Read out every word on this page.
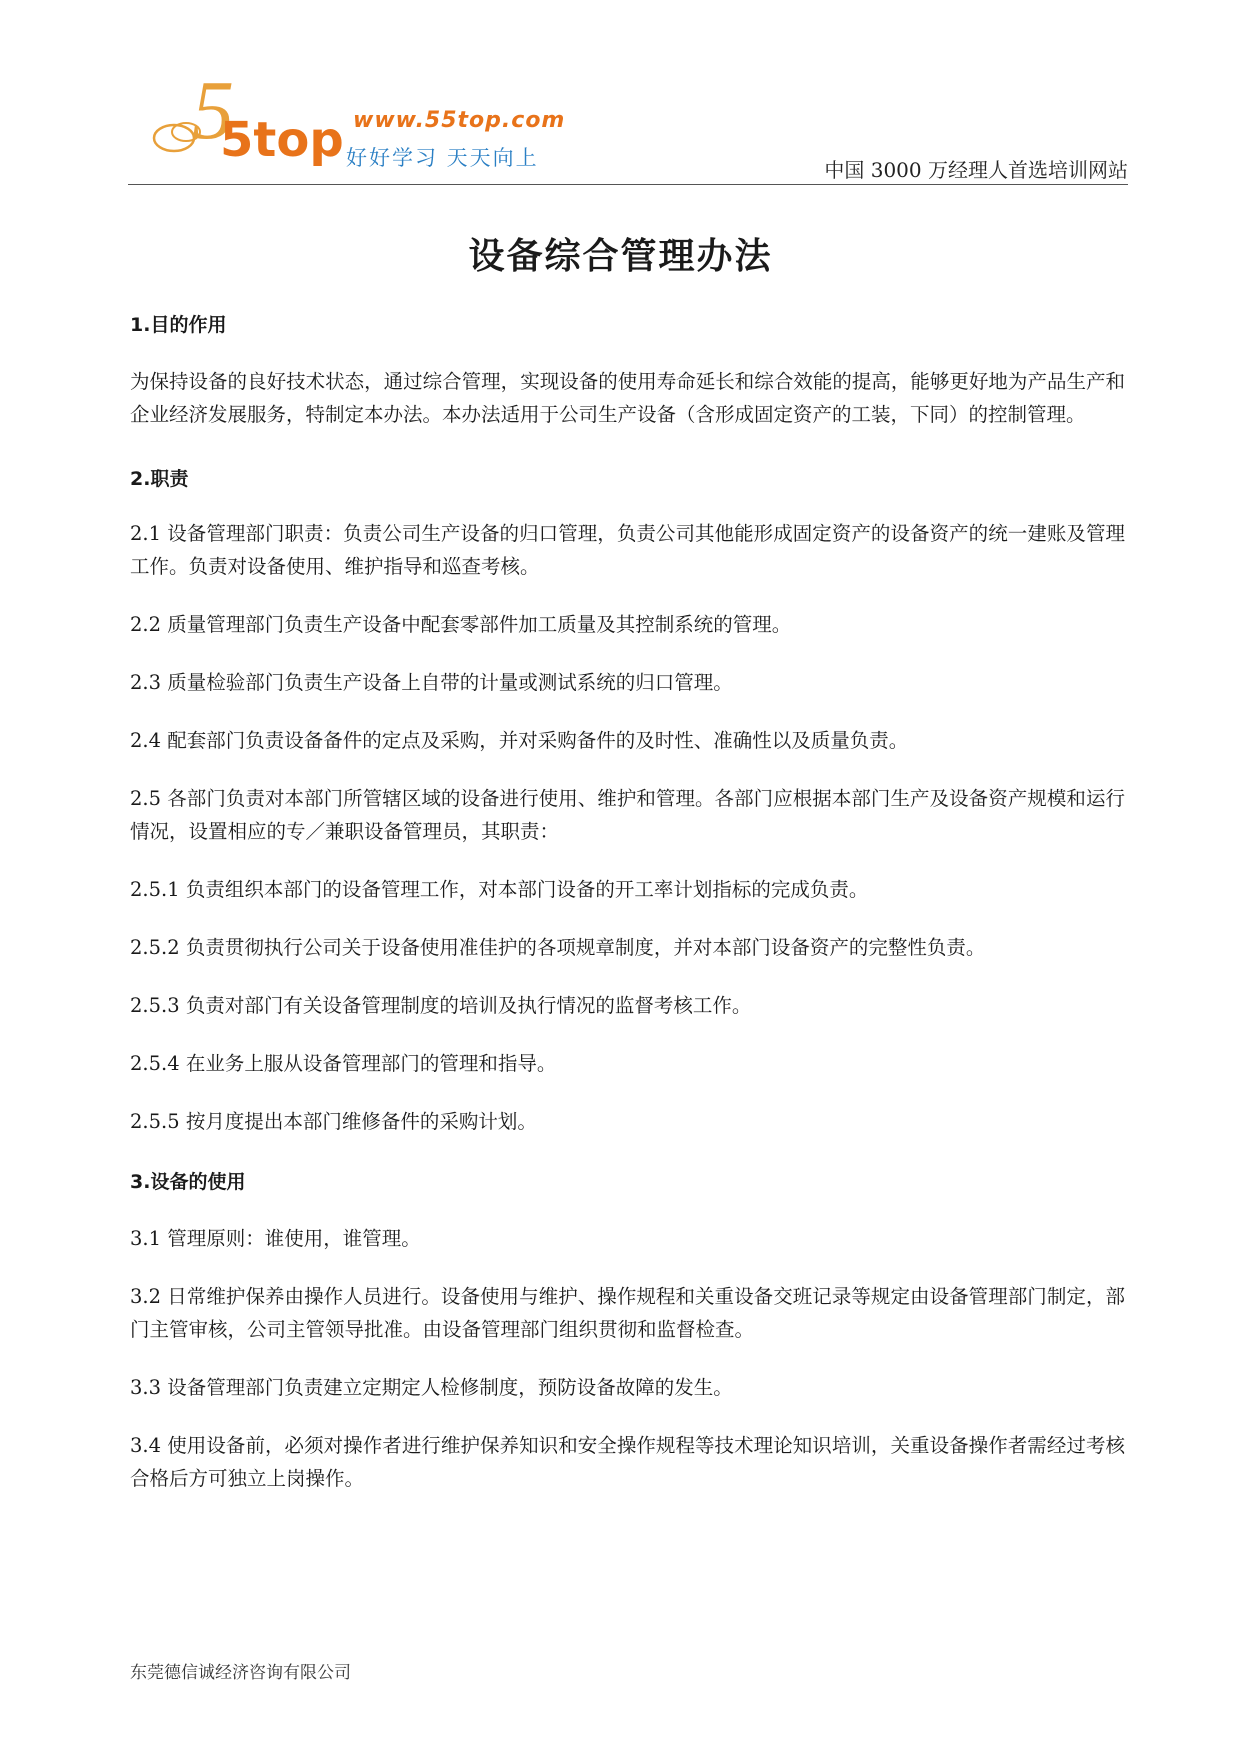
5
5top www.55top.com
好好学习 天天向上	中国 3000 万经理人首选培训网站
设备综合管理办法

1.目的作用

为保持设备的良好技术状态，通过综合管理，实现设备的使用寿命延长和综合效能的提高，能够更好地为产品生产和企业经济发展服务，特制定本办法。本办法适用于公司生产设备（含形成固定资产的工装，下同）的控制管理。

2.职责

2.1 设备管理部门职责：负责公司生产设备的归口管理，负责公司其他能形成固定资产的设备资产的统一建账及管理工作。负责对设备使用、维护指导和巡查考核。

2.2 质量管理部门负责生产设备中配套零部件加工质量及其控制系统的管理。

2.3 质量检验部门负责生产设备上自带的计量或测试系统的归口管理。

2.4 配套部门负责设备备件的定点及采购，并对采购备件的及时性、准确性以及质量负责。

2.5 各部门负责对本部门所管辖区域的设备进行使用、维护和管理。各部门应根据本部门生产及设备资产规模和运行情况，设置相应的专／兼职设备管理员，其职责：

2.5.1 负责组织本部门的设备管理工作，对本部门设备的开工率计划指标的完成负责。

2.5.2 负责贯彻执行公司关于设备使用准佳护的各项规章制度，并对本部门设备资产的完整性负责。

2.5.3 负责对部门有关设备管理制度的培训及执行情况的监督考核工作。

2.5.4 在业务上服从设备管理部门的管理和指导。

2.5.5 按月度提出本部门维修备件的采购计划。

3.设备的使用

3.1 管理原则：谁使用，谁管理。

3.2 日常维护保养由操作人员进行。设备使用与维护、操作规程和关重设备交班记录等规定由设备管理部门制定，部门主管审核，公司主管领导批准。由设备管理部门组织贯彻和监督检查。

3.3 设备管理部门负责建立定期定人检修制度，预防设备故障的发生。

3.4 使用设备前，必须对操作者进行维护保养知识和安全操作规程等技术理论知识培训，关重设备操作者需经过考核合格后方可独立上岗操作。

东莞德信诚经济咨询有限公司
